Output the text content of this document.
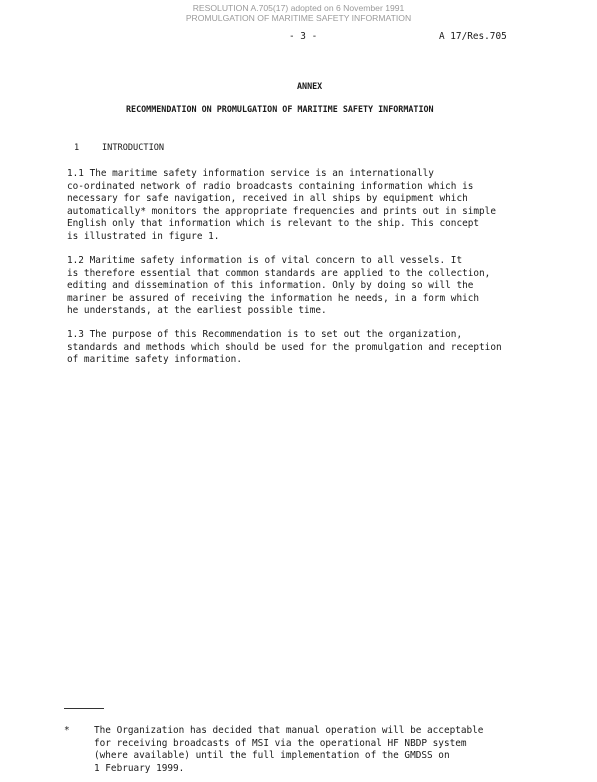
RESOLUTION A.705(17) adopted on 6 November 1991
PROMULGATION OF MARITIME SAFETY INFORMATION
- 3 -	A 17/Res.705
ANNEX
RECOMMENDATION ON PROMULGATION OF MARITIME SAFETY INFORMATION
1	INTRODUCTION
1.1 The maritime safety information service is an internationally
co-ordinated network of radio broadcasts containing information which is
necessary for safe navigation, received in all ships by equipment which
automatically* monitors the appropriate frequencies and prints out in simple
English only that information which is relevant to the ship. This concept
is illustrated in figure 1.
1.2 Maritime safety information is of vital concern to all vessels. It
is therefore essential that common standards are applied to the collection,
editing and dissemination of this information. Only by doing so will the
mariner be assured of receiving the information he needs, in a form which
he understands, at the earliest possible time.
1.3 The purpose of this Recommendation is to set out the organization,
standards and methods which should be used for the promulgation and reception
of maritime safety information.
*	The Organization has decided that manual operation will be acceptable
for receiving broadcasts of MSI via the operational HF NBDP system
(where available) until the full implementation of the GMDSS on
1 February 1999.
